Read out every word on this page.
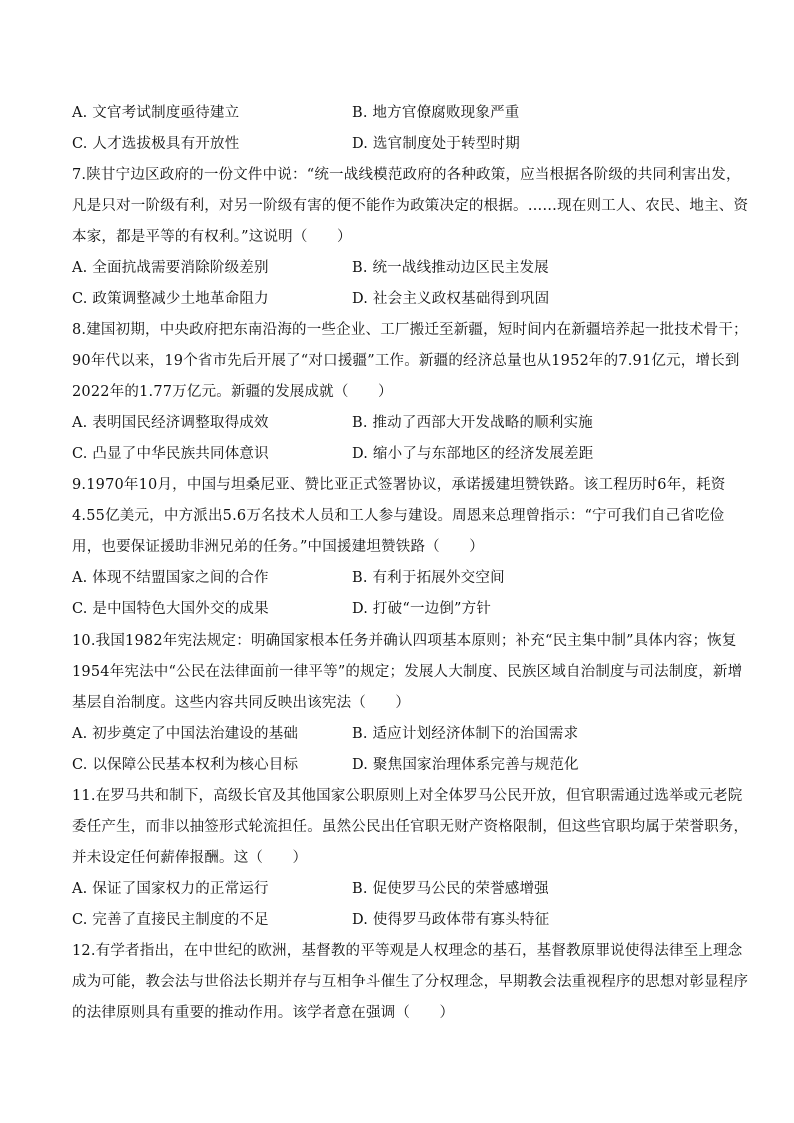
A. 文官考试制度亟待建立	B. 地方官僚腐败现象严重
C. 人才选拔极具有开放性	D. 选官制度处于转型时期
7.陕甘宁边区政府的一份文件中说：“统一战线模范政府的各种政策，应当根据各阶级的共同利害出发，
凡是只对一阶级有利，对另一阶级有害的便不能作为政策决定的根据。……现在则工人、农民、地主、资
本家，都是平等的有权利。”这说明（　　）
A. 全面抗战需要消除阶级差别	B. 统一战线推动边区民主发展
C. 政策调整减少土地革命阻力	D. 社会主义政权基础得到巩固
8.建国初期，中央政府把东南沿海的一些企业、工厂搬迁至新疆，短时间内在新疆培养起一批技术骨干；
90年代以来，19个省市先后开展了“对口援疆”工作。新疆的经济总量也从1952年的7.91亿元，增长到
2022年的1.77万亿元。新疆的发展成就（　　）
A. 表明国民经济调整取得成效	B. 推动了西部大开发战略的顺利实施
C. 凸显了中华民族共同体意识	D. 缩小了与东部地区的经济发展差距
9.1970年10月，中国与坦桑尼亚、赞比亚正式签署协议，承诺援建坦赞铁路。该工程历时6年，耗资
4.55亿美元，中方派出5.6万名技术人员和工人参与建设。周恩来总理曾指示：“宁可我们自己省吃俭
用，也要保证援助非洲兄弟的任务。”中国援建坦赞铁路（　　）
A. 体现不结盟国家之间的合作	B. 有利于拓展外交空间
C. 是中国特色大国外交的成果	D. 打破“一边倒”方针
10.我国1982年宪法规定：明确国家根本任务并确认四项基本原则；补充“民主集中制”具体内容；恢复
1954年宪法中“公民在法律面前一律平等”的规定；发展人大制度、民族区域自治制度与司法制度，新增
基层自治制度。这些内容共同反映出该宪法（　　）
A. 初步奠定了中国法治建设的基础	B. 适应计划经济体制下的治国需求
C. 以保障公民基本权利为核心目标	D. 聚焦国家治理体系完善与规范化
11.在罗马共和制下，高级长官及其他国家公职原则上对全体罗马公民开放，但官职需通过选举或元老院
委任产生，而非以抽签形式轮流担任。虽然公民出任官职无财产资格限制，但这些官职均属于荣誉职务，
并未设定任何薪俸报酬。这（　　）
A. 保证了国家权力的正常运行	B. 促使罗马公民的荣誉感增强
C. 完善了直接民主制度的不足	D. 使得罗马政体带有寡头特征
12.有学者指出，在中世纪的欧洲，基督教的平等观是人权理念的基石，基督教原罪说使得法律至上理念
成为可能，教会法与世俗法长期并存与互相争斗催生了分权理念，早期教会法重视程序的思想对彰显程序
的法律原则具有重要的推动作用。该学者意在强调（　　）
